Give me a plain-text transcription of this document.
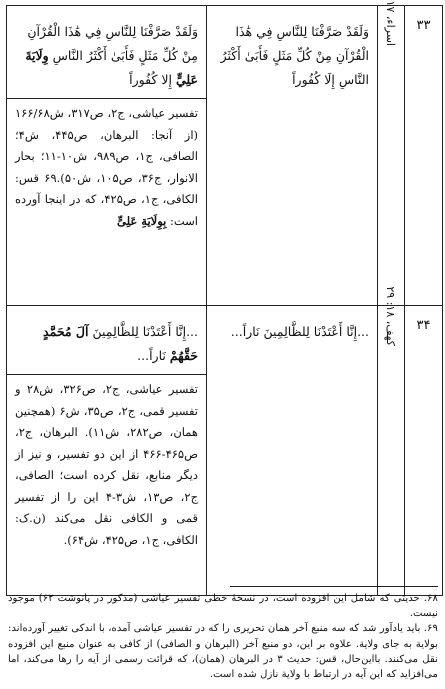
۳۳	اسراء، ۱۷	وَلَقَدْ صَرَّفْنَا لِلنَّاسِ فِي هَٰذَا الْقُرْآنِ مِنْ كُلِّ مَثَلٍ فَأَبَىٰ أَكْثَرُ النَّاسِ إِلَا كُفُوراً	وَلَقَدْ صَرَّفْنَا لِلنَّاسِ فِي هَٰذَا الْقُرْآنِ مِنْ كُلِّ مَثَلٍ فَأَبَىٰ أَكْثَرُ النَّاسِ وِلَايَةَ عَلِيٍّ إِلا كُفُوراً
تفسیر عیاشی، ج۲، ص۳۱۷، ش۱۶۶/۶۸ (از آنجا: البرهان، ص۴۴۵، ش۴؛ الصافی، ج۱، ص۹۸۹، ش۱۰-۱۱؛ بحار الانوار، ج۳۶، ص۱۰۵، ش۵۰).۶۹ قس: الکافی، ج۱، ص۴۲۵، که در اینجا آورده است: بِوِلَایَةِ عَلِیٍّ

۳۴	کهف، ۱۸: ۲۹	...إِنَّا أَعْتَدْنَا لِلظَّالِمِينَ نَاراً...	...إِنَّا أَعْتَدْنَا لِلظَّالِمِينَ آلَ مُحَمَّدٍ حَقَّهُمْ نَاراً...
تفسیر عیاشی، ج۲، ص۳۲۶، ش۲۸ و تفسیر قمی، ج۲، ص۳۵، ش۶ (همچنین همان، ص۲۸۲، ش۱۱). البرهان، ج۲، ص۴۶۵-۴۶۶ از این دو تفسیر، و نیز از دیگر منابع، نقل کرده است؛ الصافی، ج۲، ص۱۳، ش۳-۴ این را از تفسیر قمی و الکافی نقل می‌کند (ن.ک: الکافی، ج۱، ص۴۲۵، ش۶۴).

۶۸. حدیثی که شامل این افزوده است، در نسخهٔ خطی تفسیر عیاشی (مذکور در پانوشت ۶۲) موجود نیست.

۶۹. باید یادآور شد که سه منبع آخر همان تحریری را که در تفسیر عیاشی آمده، با اندکی تغییر آورده‌اند: بولایة به جای ولایة. علاوه بر این، دو منبع آخر (البرهان و الصافی) از کافی به عنوان منبع این افزوده نقل می‌کنند. بااین‌حال، قس: حدیث ۳ در البرهان (همان)، که قرائت رسمی از آیه را رها می‌کند، اما می‌افزاید که این آیه در ارتباط با ولایة نازل شده است.
